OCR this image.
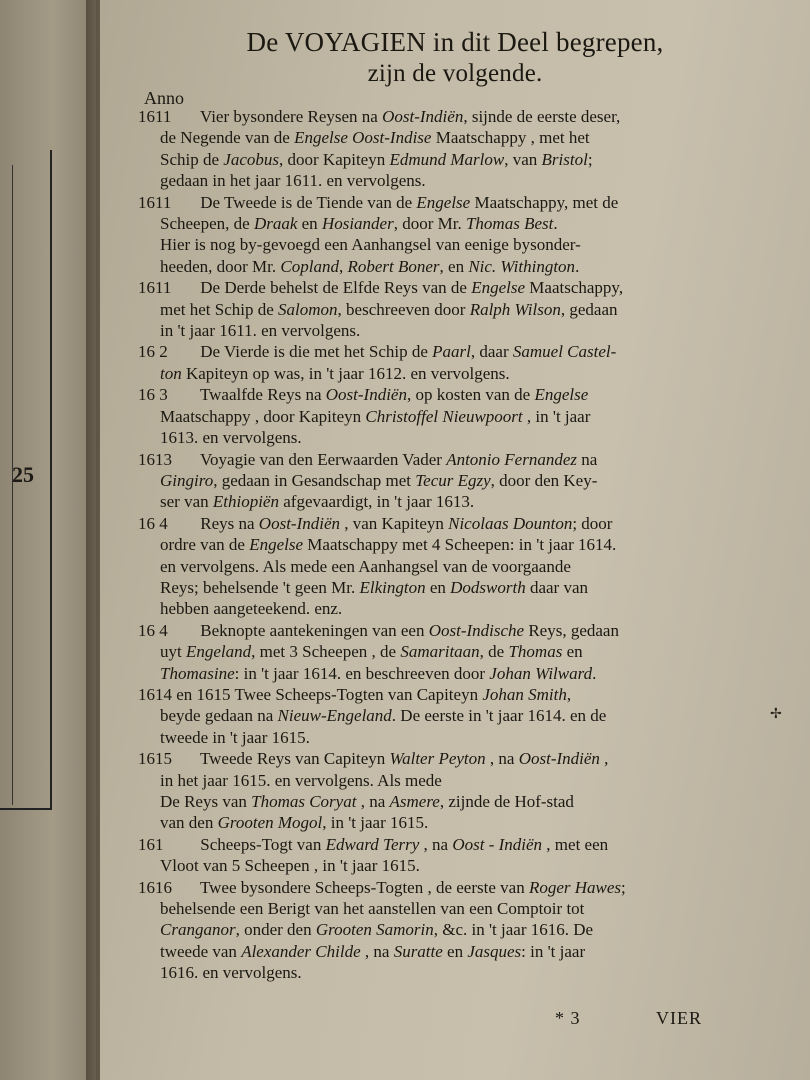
25
De VOYAGIEN in dit Deel begrepen,
zijn de volgende.
Anno
1611 Vier bysondere Reysen na Oost-Indiën, sijnde de eerste deser,
de Negende van de Engelse Oost-Indise Maatschappy , met het
Schip de Jacobus, door Kapiteyn Edmund Marlow, van Bristol;
gedaan in het jaar 1611. en vervolgens.
1611 De Tweede is de Tiende van de Engelse Maatschappy, met de
Scheepen, de Draak en Hosiander, door Mr. Thomas Best.
Hier is nog by-gevoegd een Aanhangsel van eenige bysonder-
heeden, door Mr. Copland, Robert Boner, en Nic. Withington.
1611 De Derde behelst de Elfde Reys van de Engelse Maatschappy,
met het Schip de Salomon, beschreeven door Ralph Wilson, gedaan
in 't jaar 1611. en vervolgens.
16 2 De Vierde is die met het Schip de Paarl, daar Samuel Castel-
ton Kapiteyn op was, in 't jaar 1612. en vervolgens.
16 3 Twaalfde Reys na Oost-Indiën, op kosten van de Engelse
Maatschappy , door Kapiteyn Christoffel Nieuwpoort , in 't jaar
1613. en vervolgens.
1613 Voyagie van den Eerwaarden Vader Antonio Fernandez na
Gingiro, gedaan in Gesandschap met Tecur Egzy, door den Key-
ser van Ethiopiën afgevaardigt, in 't jaar 1613.
16 4 Reys na Oost-Indiën , van Kapiteyn Nicolaas Dounton; door
ordre van de Engelse Maatschappy met 4 Scheepen: in 't jaar 1614.
en vervolgens. Als mede een Aanhangsel van de voorgaande
Reys; behelsende 't geen Mr. Elkington en Dodsworth daar van
hebben aangeteekend. enz.
16 4 Beknopte aantekeningen van een Oost-Indische Reys, gedaan
uyt Engeland, met 3 Scheepen , de Samaritaan, de Thomas en
Thomasine: in 't jaar 1614. en beschreeven door Johan Wilward.
1614 en 1615 Twee Scheeps-Togten van Capiteyn Johan Smith,
beyde gedaan na Nieuw-Engeland. De eerste in 't jaar 1614. en de
tweede in 't jaar 1615.
1615 Tweede Reys van Capiteyn Walter Peyton , na Oost-Indiën ,
in het jaar 1615. en vervolgens. Als mede
De Reys van Thomas Coryat , na Asmere, zijnde de Hof-stad
van den Grooten Mogol, in 't jaar 1615.
161 Scheeps-Togt van Edward Terry , na Oost - Indiën , met een
Vloot van 5 Scheepen , in 't jaar 1615.
1616 Twee bysondere Scheeps-Togten , de eerste van Roger Hawes;
behelsende een Berigt van het aanstellen van een Comptoir tot
Cranganor, onder den Grooten Samorin, &c. in 't jaar 1616. De
tweede van Alexander Childe , na Suratte en Jasques: in 't jaar
1616. en vervolgens.
* 3	VIER
✢
